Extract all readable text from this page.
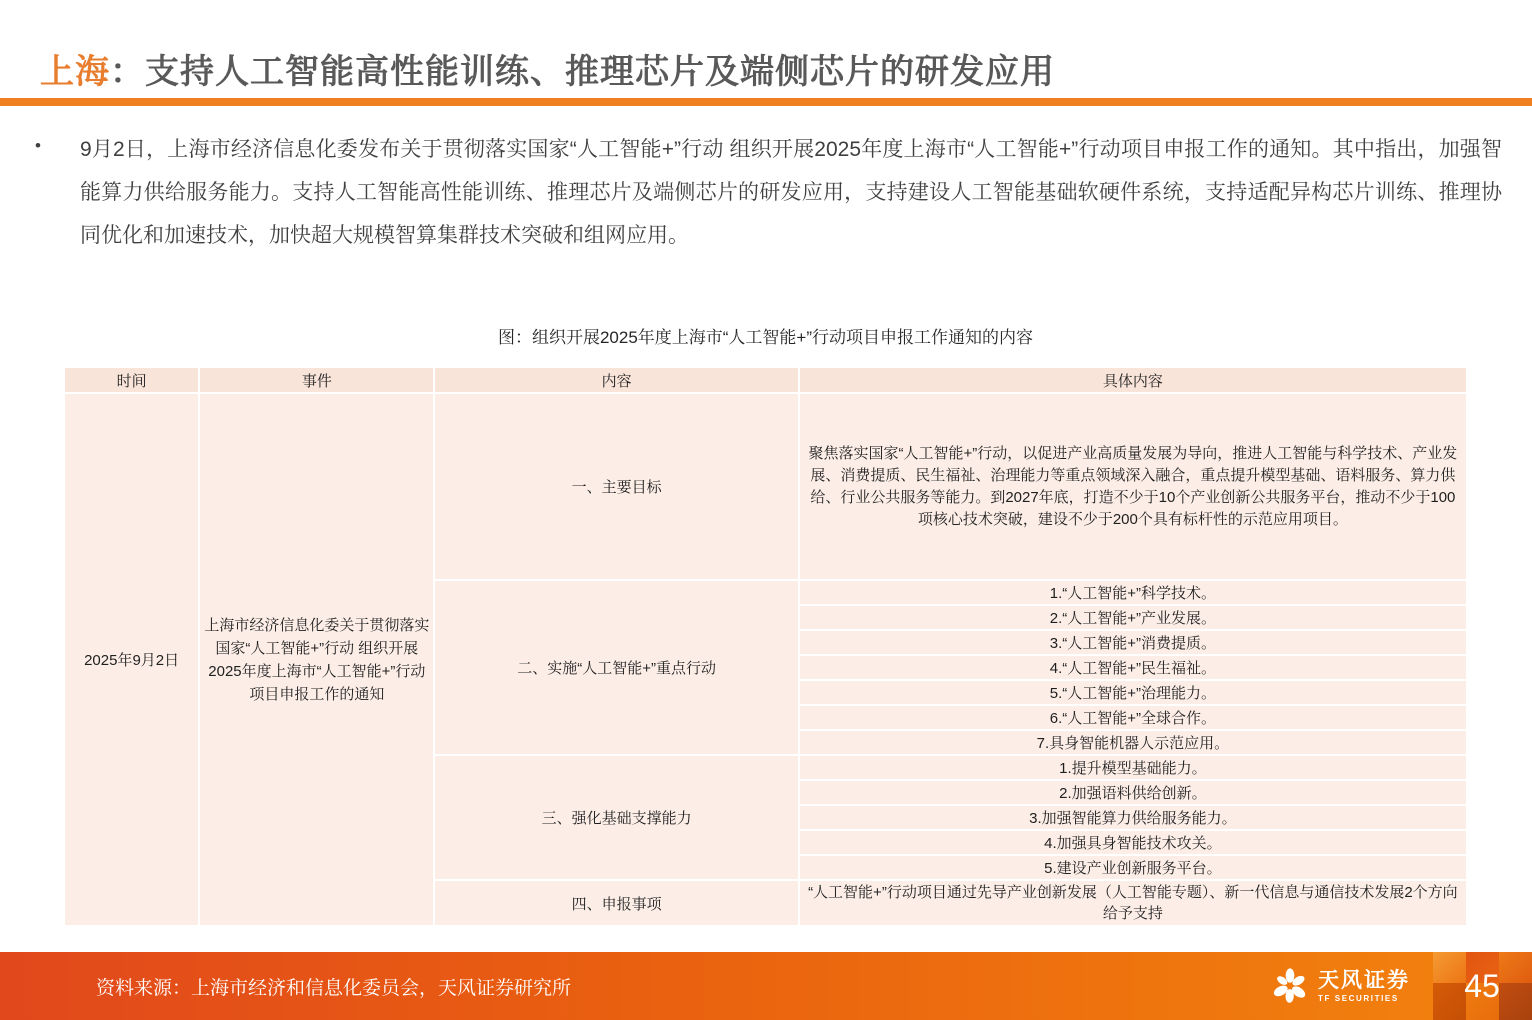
上海：支持人工智能高性能训练、推理芯片及端侧芯片的研发应用
• 9月2日，上海市经济信息化委发布关于贯彻落实国家“人工智能+”行动 组织开展2025年度上海市“人工智能+”行动项目申报工作的通知。其中指出，加强智能算力供给服务能力。支持人工智能高性能训练、推理芯片及端侧芯片的研发应用，支持建设人工智能基础软硬件系统，支持适配异构芯片训练、推理协同优化和加速技术，加快超大规模智算集群技术突破和组网应用。
图：组织开展2025年度上海市“人工智能+”行动项目申报工作通知的内容
时间	事件	内容	具体内容
2025年9月2日	上海市经济信息化委关于贯彻落实国家“人工智能+”行动 组织开展2025年度上海市“人工智能+”行动项目申报工作的通知	一、主要目标	聚焦落实国家“人工智能+”行动，以促进产业高质量发展为导向，推进人工智能与科学技术、产业发展、消费提质、民生福祉、治理能力等重点领域深入融合，重点提升模型基础、语料服务、算力供给、行业公共服务等能力。到2027年底，打造不少于10个产业创新公共服务平台，推动不少于100项核心技术突破，建设不少于200个具有标杆性的示范应用项目。
		二、实施“人工智能+”重点行动	1.“人工智能+”科学技术。
			2.“人工智能+”产业发展。
			3.“人工智能+”消费提质。
			4.“人工智能+”民生福祉。
			5.“人工智能+”治理能力。
			6.“人工智能+”全球合作。
			7.具身智能机器人示范应用。
		三、强化基础支撑能力	1.提升模型基础能力。
			2.加强语料供给创新。
			3.加强智能算力供给服务能力。
			4.加强具身智能技术攻关。
			5.建设产业创新服务平台。
		四、申报事项	“人工智能+”行动项目通过先导产业创新发展（人工智能专题）、新一代信息与通信技术发展2个方向给予支持
资料来源：上海市经济和信息化委员会，天风证券研究所	天风证券
TF SECURITIES	45
